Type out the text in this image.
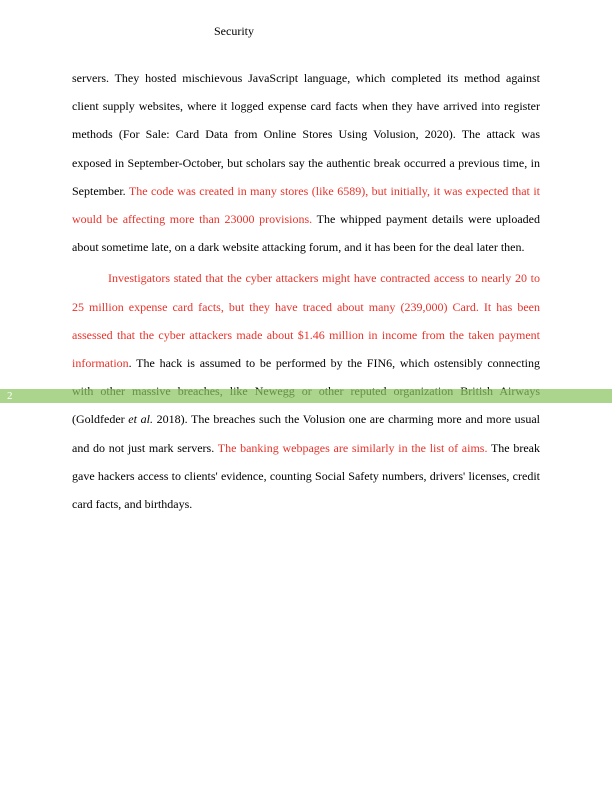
Security

servers. They hosted mischievous JavaScript language, which completed its method against client supply websites, where it logged expense card facts when they have arrived into register methods (For Sale: Card Data from Online Stores Using Volusion, 2020). The attack was exposed in September-October, but scholars say the authentic break occurred a previous time, in September. The code was created in many stores (like 6589), but initially, it was expected that it would be affecting more than 23000 provisions. The whipped payment details were uploaded about sometime late, on a dark website attacking forum, and it has been for the deal later then.

Investigators stated that the cyber attackers might have contracted access to nearly 20 to 25 million expense card facts, but they have traced about many (239,000) Card. It has been assessed that the cyber attackers made about $1.46 million in income from the taken payment information. The hack is assumed to be performed by the FIN6, which ostensibly connecting (Goldfeder et al. 2018). The breaches such the Volusion one are charming more and more usual and do not just mark servers. The banking webpages are similarly in the list of aims. The break gave hackers access to clients' evidence, counting Social Safety numbers, drivers' licenses, credit card facts, and birthdays.

2
